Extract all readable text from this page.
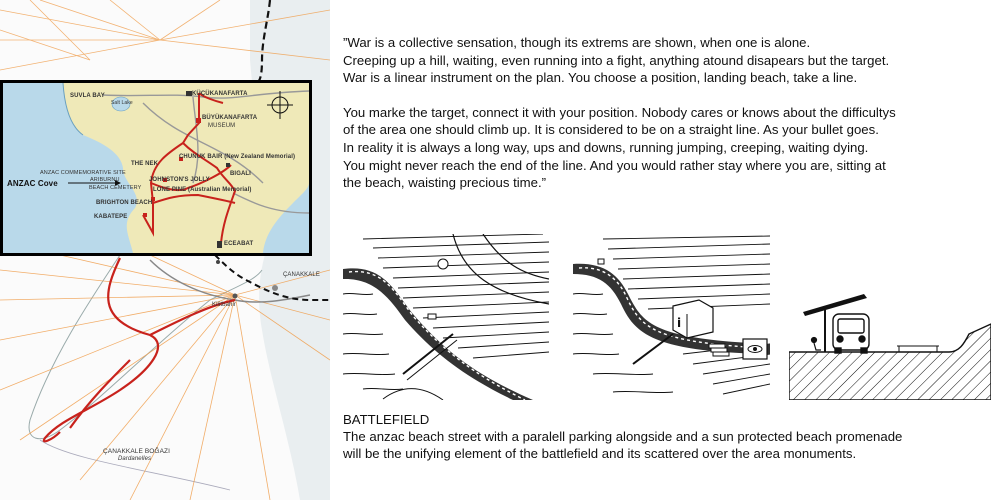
ÇANAKKALE
Kilitbahir
ÇANAKKALE BOĞAZI
Dardanelles
SUVLA BAY
Salt Lake
KÜÇÜKANAFARTA
BÜYÜKANAFARTA
MUSEUM
THE NEK
CHUNUK BAIR (New Zealand Memorial)
ANZAC COMMEMORATIVE SITE
ARIBURNU
ANZAC Cove	BEACH CEMETERY
JOHNSTON'S JOLLY
LONE PINE (Australian Memorial)
BIGALI
BRIGHTON BEACH
KABATEPE
ECEABAT

”War is a collective sensation, though its extrems are shown, when one is alone.
Creeping up a hill, waiting, even running into a fight, anything atound disapears but the target.
War is a linear instrument on the plan. You choose a position, landing beach, take a line.

You marke the target, connect it with your position. Nobody cares or knows about the difficultys
of the area one should climb up. It is considered to be on a straight line. As your bullet goes.
In reality it is always a long way, ups and downs, running jumping, creeping, waiting dying.
You might never reach the end of the line. And you would rather stay where you are, sitting at
the beach, waisting precious time.”

i

BATTLEFIELD

The anzac beach street with a paralell parking alongside and a sun protected beach promenade

will be the unifying element of the battlefield and its scattered over the area monuments.
